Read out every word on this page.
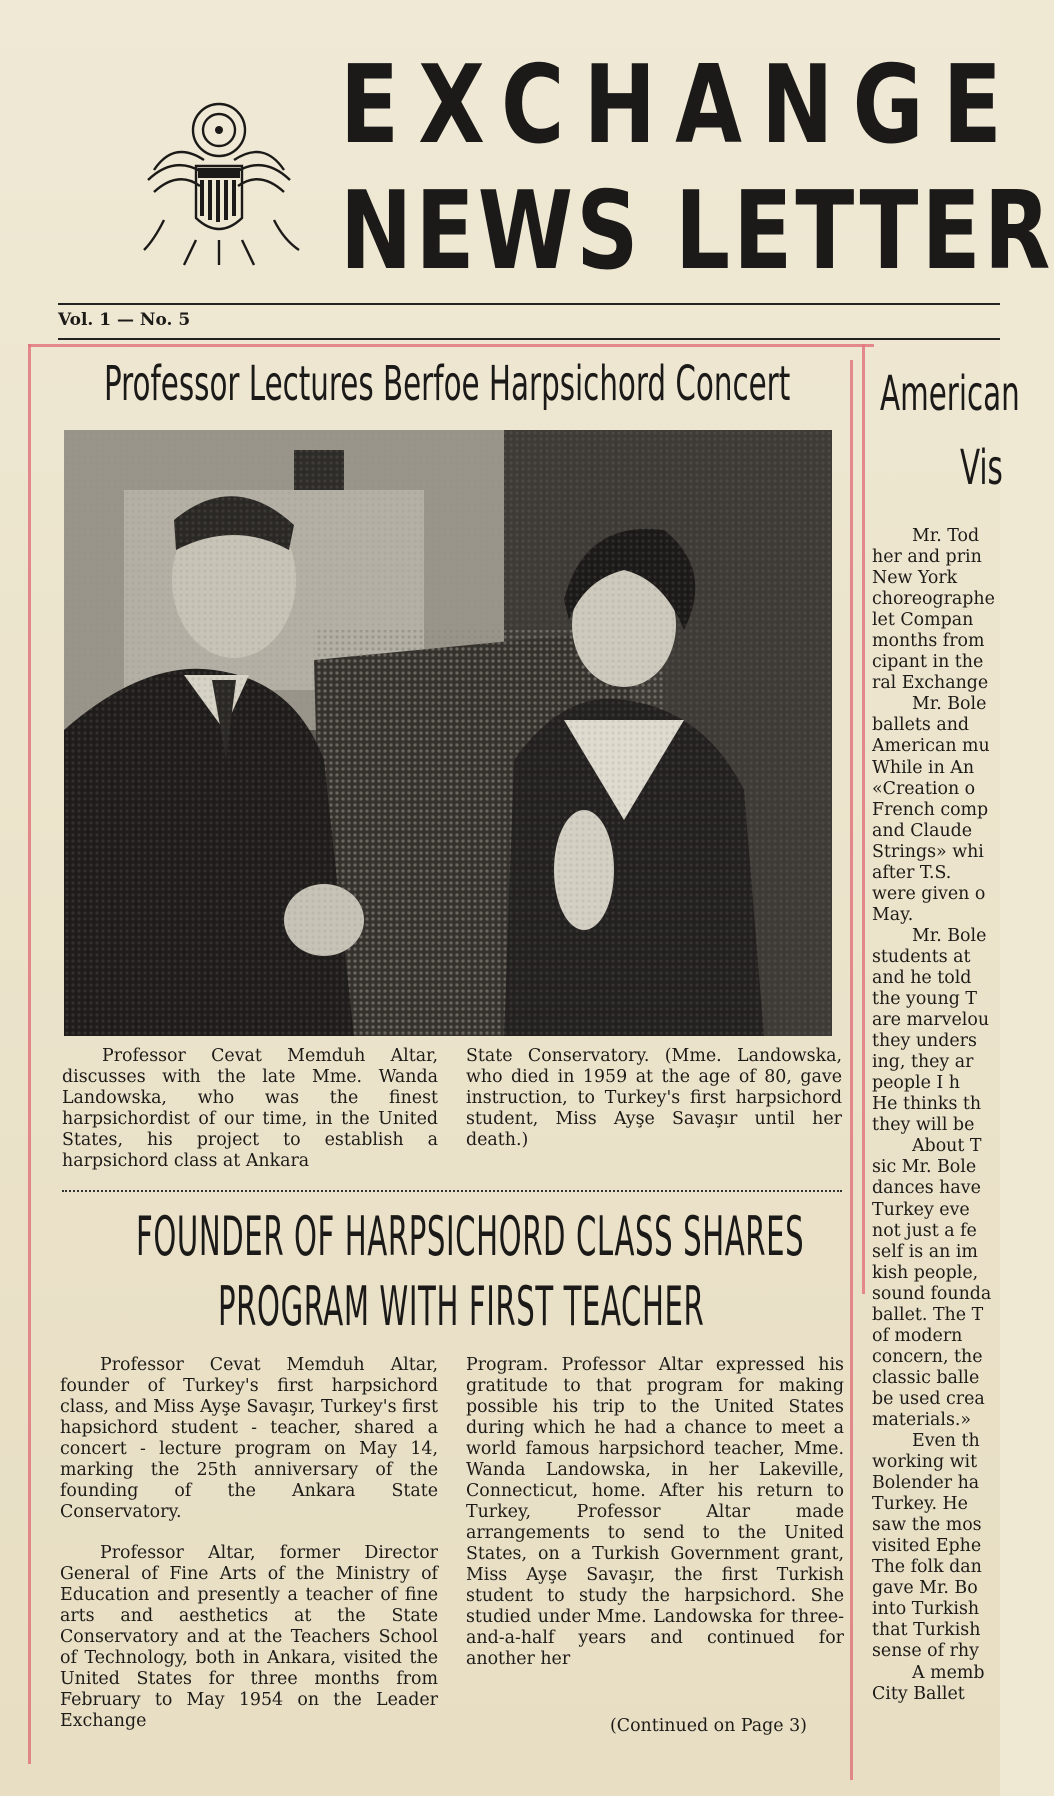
EXCHANGE
NEWS LETTER
Vol. 1 — No. 5
Professor Lectures Berfoe Harpsichord Concert American
Vis

Professor Cevat Memduh Altar, discusses with the late Mme. Wanda Landowska, who was the finest harpsichordist of our time, in the United States, his project to establish a harpsichord class at Ankara

State Conservatory. (Mme. Landowska, who died in 1959 at the age of 80, gave instruction, to Turkey's first harpsichord student, Miss Ayşe Savaşır until her death.)

FOUNDER OF HARPSICHORD CLASS SHARES
PROGRAM WITH FIRST TEACHER

Professor Cevat Memduh Altar, founder of Turkey's first harpsichord class, and Miss Ayşe Savaşır, Turkey's first hapsichord student - teacher, shared a concert - lecture program on May 14, marking the 25th anniversary of the founding of the Ankara State Conservatory.

Professor Altar, former Director General of Fine Arts of the Ministry of Education and presently a teacher of fine arts and aesthetics at the State Conservatory and at the Teachers School of Technology, both in Ankara, visited the United States for three months from February to May 1954 on the Leader Exchange

Program. Professor Altar expressed his gratitude to that program for making possible his trip to the United States during which he had a chance to meet a world famous harpsichord teacher, Mme. Wanda Landowska, in her Lakeville, Connecticut, home. After his return to Turkey, Professor Altar made arrangements to send to the United States, on a Turkish Government grant, Miss Ayşe Savaşır, the first Turkish student to study the harpsichord. She studied under Mme. Landowska for three-and-a-half years and continued for another her

(Continued on Page 3)
Mr. Tod
her and prin
New York
choreographe
let Compan
months from
cipant in the
ral Exchange
Mr. Bole
ballets and
American mu
While in An
«Creation o
French comp
and Claude
Strings» whi
after T.S.
were given o
May.
Mr. Bole
students at
and he told
the young T
are marvelou
they unders
ing, they ar
people I h
He thinks th
they will be
About T
sic Mr. Bole
dances have
Turkey eve
not just a fe
self is an im
kish people,
sound founda
ballet. The T
of modern
concern, the
classic balle
be used crea
materials.»
Even th
working wit
Bolender ha
Turkey. He
saw the mos
visited Ephe
The folk dan
gave Mr. Bo
into Turkish
that Turkish
sense of rhy
A memb
City Ballet
